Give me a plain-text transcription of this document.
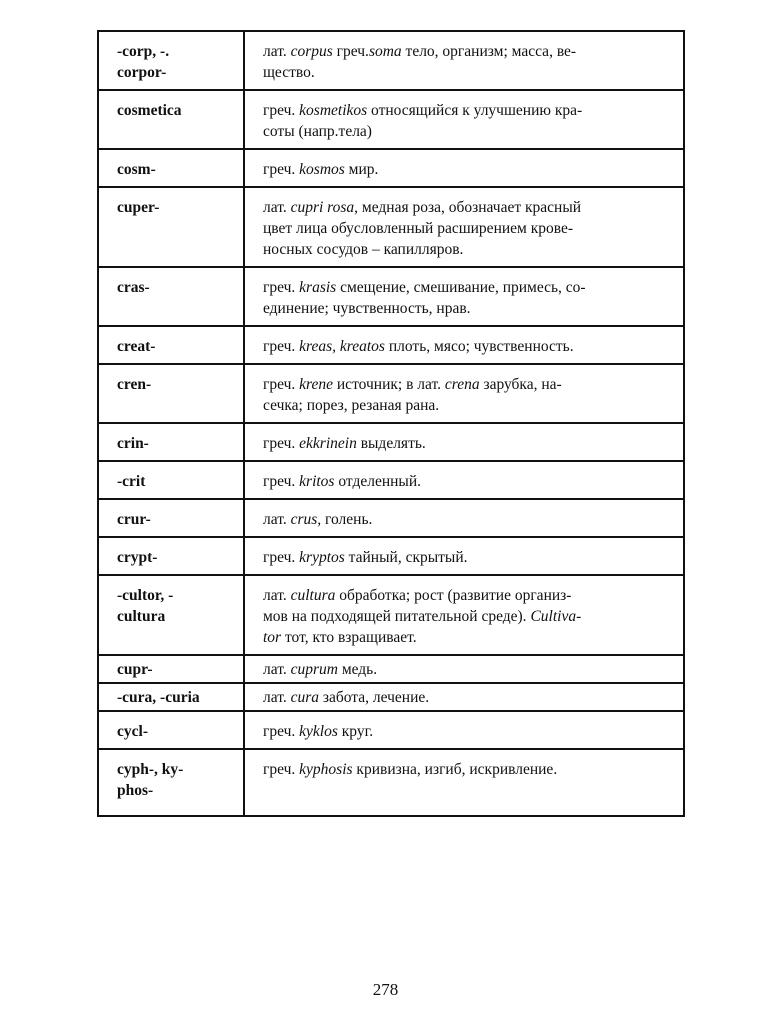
-corp, -.
corpor-	лат. corpus греч.soma тело, организм; масса, ве-
щество.
cosmetica	греч. kosmetikos относящийся к улучшению кра-
соты (напр.тела)
cosm-	греч. kosmos мир.
cuper-	лат. cupri rosa, медная роза, обозначает красный
цвет лица обусловленный расширением крове-
носных сосудов – капилляров.
cras-	греч. krasis смещение, смешивание, примесь, со-
единение; чувственность, нрав.
creat-	греч. kreas, kreatos плоть, мясо; чувственность.
cren-	греч. krene источник; в лат. crena зарубка, на-
сечка; порез, резаная рана.
crin-	греч. ekkrinein выделять.
-crit	греч. kritos отделенный.
crur-	лат. crus, голень.
crypt-	греч. kryptos тайный, скрытый.
-cultor, -
cultura	лат. cultura обработка; рост (развитие организ-
мов на подходящей питательной среде). Cultiva-
tor тот, кто взращивает.
cupr-	лат. cuprum медь.
-cura, -curia	лат. cura забота, лечение.
cycl-	греч. kyklos круг.
cyph-, ky-
phos-	греч. kyphosis кривизна, изгиб, искривление.
278
